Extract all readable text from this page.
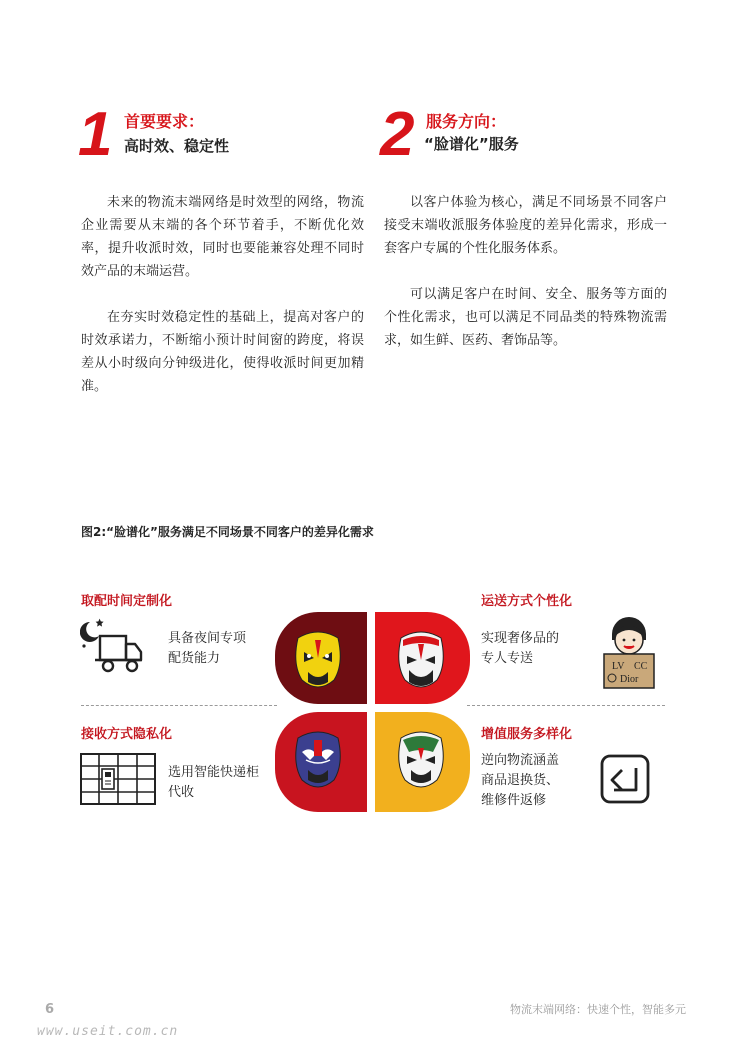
1 首要要求：
高时效、稳定性

未来的物流末端网络是时效型的网络，物流企业需要从末端的各个环节着手，不断优化效率，提升收派时效，同时也要能兼容处理不同时效产品的末端运营。

在夯实时效稳定性的基础上，提高对客户的时效承诺力，不断缩小预计时间窗的跨度，将误差从小时级向分钟级进化，使得收派时间更加精准。

2 服务方向：
“脸谱化”服务

以客户体验为核心，满足不同场景不同客户接受末端收派服务体验度的差异化需求，形成一套客户专属的个性化服务体系。

可以满足客户在时间、安全、服务等方面的个性化需求，也可以满足不同品类的特殊物流需求，如生鲜、医药、奢饰品等。

图2:“脸谱化”服务满足不同场景不同客户的差异化需求
取配时间定制化	运送方式个性化
接收方式隐私化	增值服务多样化
具备夜间专项
配货能力
实现奢侈品的
专人专送
选用智能快递柜
代收
逆向物流涵盖
商品退换货、
维修件返修
LV CC
Dior
6	物流末端网络：快速个性，智能多元
www.useit.com.cn
